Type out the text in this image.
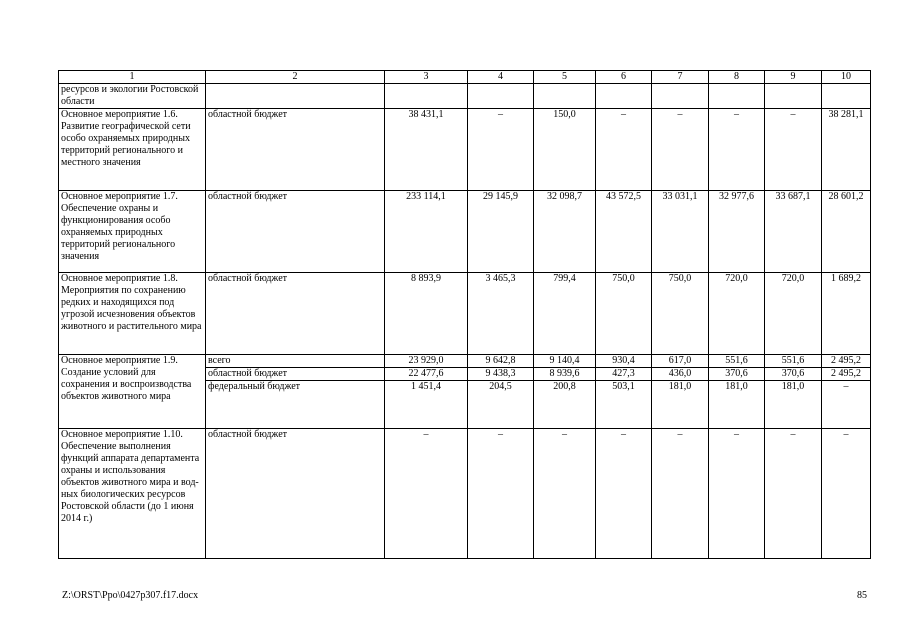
1	2	3	4	5	6	7	8	9	10
ресурсов и экологии Ростовской области									
Основное мероприятие 1.6. Развитие географической сети особо охраняемых природных территорий регионального и местного значения	областной бюджет	38 431,1	–	150,0	–	–	–	–	38 281,1
Основное мероприятие 1.7. Обеспечение охраны и функционирования особо охраняемых природных территорий регионального значения	областной бюджет	233 114,1	29 145,9	32 098,7	43 572,5	33 031,1	32 977,6	33 687,1	28 601,2
Основное мероприятие 1.8. Мероприятия по сохранению редких и находящихся под угрозой исчезновения объектов животного и растительного мира	областной бюджет	8 893,9	3 465,3	799,4	750,0	750,0	720,0	720,0	1 689,2
Основное мероприятие 1.9. Создание условий для сохранения и воспроизводства объектов животного мира	всего	23 929,0	9 642,8	9 140,4	930,4	617,0	551,6	551,6	2 495,2
	областной бюджет	22 477,6	9 438,3	8 939,6	427,3	436,0	370,6	370,6	2 495,2
	федеральный бюджет	1 451,4	204,5	200,8	503,1	181,0	181,0	181,0	–
Основное мероприятие 1.10. Обеспечение выполнения функций аппарата департамента охраны и использования объектов животного мира и водных биологических ресурсов Ростовской области (до 1 июня 2014 г.)	областной бюджет	–	–	–	–	–	–	–	–
Z:\ORST\Ppo\0427p307.f17.docx	85
